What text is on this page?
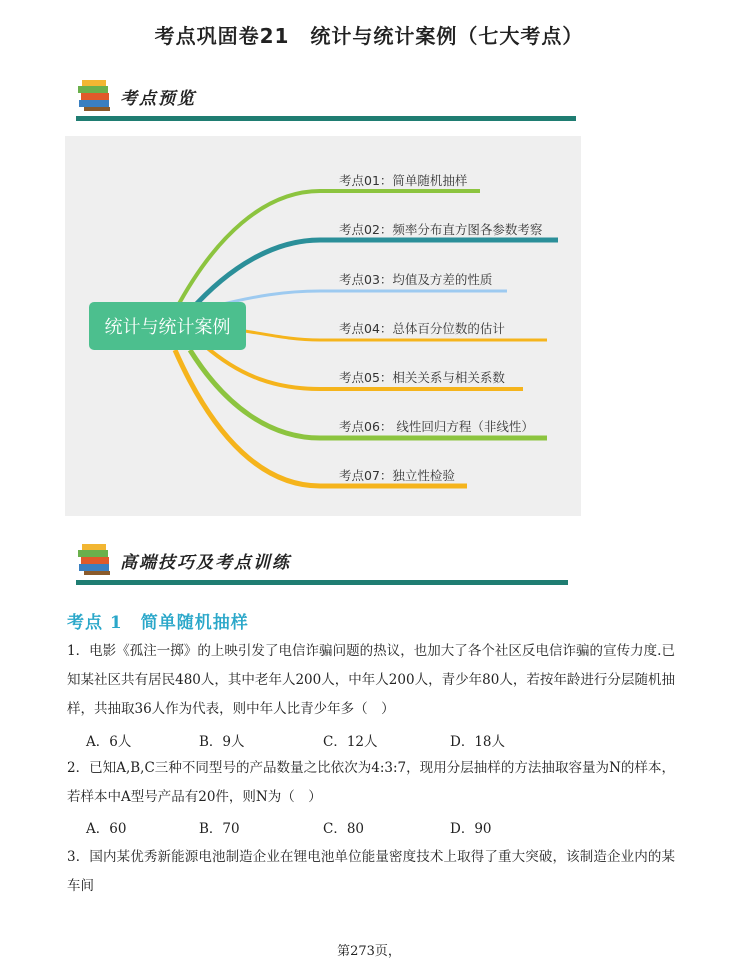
考点巩固卷21　统计与统计案例（七大考点）
考点预览
统计与统计案例
考点01：简单随机抽样
考点02：频率分布直方图各参数考察
考点03：均值及方差的性质
考点04：总体百分位数的估计
考点05：相关关系与相关系数
考点06： 线性回归方程（非线性）
考点07：独立性检验
高端技巧及考点训练
考点 1　简单随机抽样
1．电影《孤注一掷》的上映引发了电信诈骗问题的热议，也加大了各个社区反电信诈骗的宣传力度.已知某社区共有居民480人，其中老年人200人，中年人200人，青少年80人，若按年龄进行分层随机抽样，共抽取36人作为代表，则中年人比青少年多（　）
A．6人	B．9人	C．12人	D．18人
2．已知A,B,C三种不同型号的产品数量之比依次为4:3:7，现用分层抽样的方法抽取容量为N的样本，若样本中A型号产品有20件，则N为（　）
A．60	B．70	C．80	D．90
3．国内某优秀新能源电池制造企业在锂电池单位能量密度技术上取得了重大突破，该制造企业内的某车间
第273页，
